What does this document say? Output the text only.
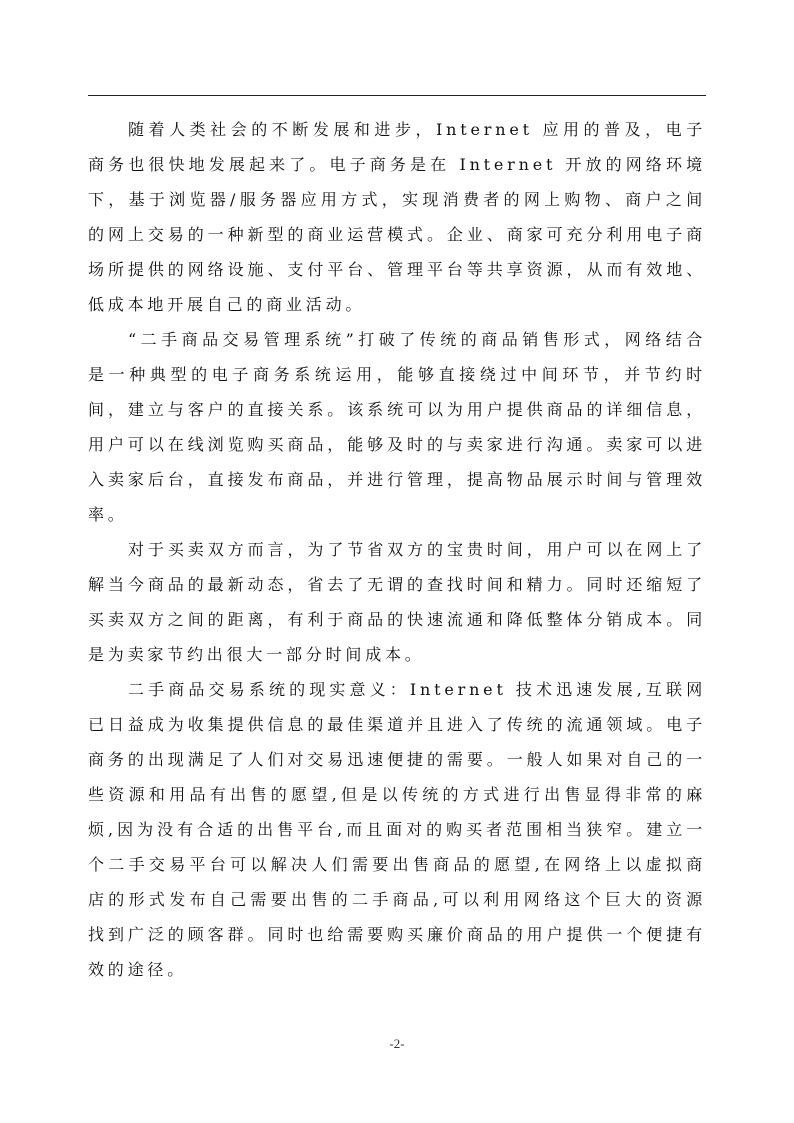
随着人类社会的不断发展和进步，Internet 应用的普及，电子商务也很快地发展起来了。电子商务是在 Internet 开放的网络环境下，基于浏览器/服务器应用方式，实现消费者的网上购物、商户之间的网上交易的一种新型的商业运营模式。企业、商家可充分利用电子商场所提供的网络设施、支付平台、管理平台等共享资源，从而有效地、低成本地开展自己的商业活动。

“二手商品交易管理系统”打破了传统的商品销售形式，网络结合是一种典型的电子商务系统运用，能够直接绕过中间环节，并节约时间，建立与客户的直接关系。该系统可以为用户提供商品的详细信息，用户可以在线浏览购买商品，能够及时的与卖家进行沟通。卖家可以进入卖家后台，直接发布商品，并进行管理，提高物品展示时间与管理效率。

对于买卖双方而言，为了节省双方的宝贵时间，用户可以在网上了解当今商品的最新动态，省去了无谓的查找时间和精力。同时还缩短了买卖双方之间的距离，有利于商品的快速流通和降低整体分销成本。同是为卖家节约出很大一部分时间成本。

二手商品交易系统的现实意义：Internet 技术迅速发展,互联网已日益成为收集提供信息的最佳渠道并且进入了传统的流通领域。电子商务的出现满足了人们对交易迅速便捷的需要。一般人如果对自己的一些资源和用品有出售的愿望,但是以传统的方式进行出售显得非常的麻烦,因为没有合适的出售平台,而且面对的购买者范围相当狭窄。建立一个二手交易平台可以解决人们需要出售商品的愿望,在网络上以虚拟商店的形式发布自己需要出售的二手商品,可以利用网络这个巨大的资源找到广泛的顾客群。同时也给需要购买廉价商品的用户提供一个便捷有效的途径。

-2-
